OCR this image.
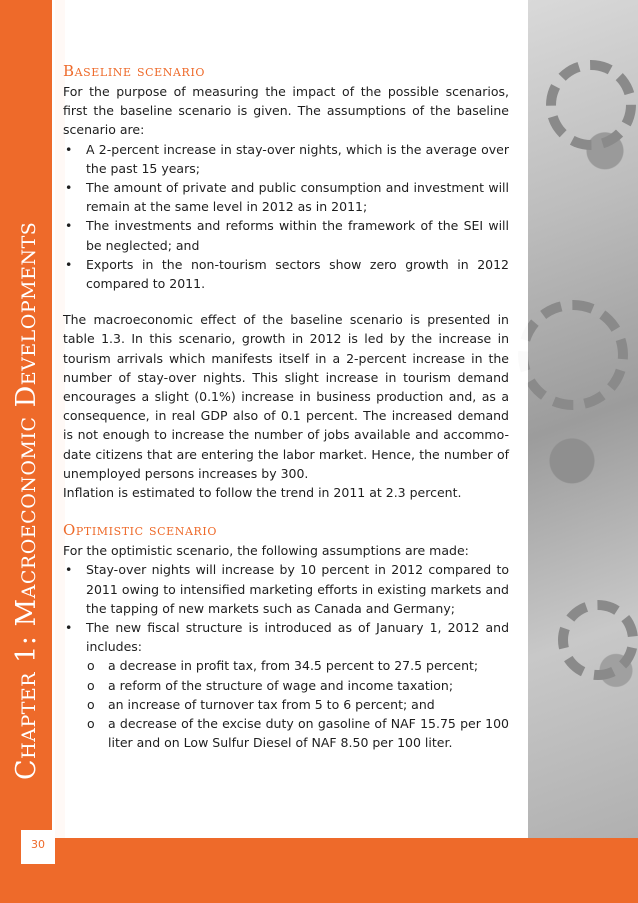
Chapter 1: Macroeconomic Developments
Baseline scenario

For the purpose of measuring the impact of the possible scenarios, first the baseline scenario is given. The assumptions of the baseline scenario are:

• A 2-percent increase in stay-over nights, which is the average over the past 15 years;
• The amount of private and public consumption and investment will remain at the same level in 2012 as in 2011;
• The investments and reforms within the framework of the SEI will be neglected; and
• Exports in the non-tourism sectors show zero growth in 2012 compared to 2011.

The macroeconomic effect of the baseline scenario is presented in table 1.3. In this scenario, growth in 2012 is led by the increase in tourism arrivals which manifests itself in a 2-percent increase in the number of stay-over nights. This slight increase in tourism demand encourages a slight (0.1%) increase in business production and, as a consequence, in real GDP also of 0.1 percent. The increased demand is not enough to increase the number of jobs available and accommo-date citizens that are entering the labor market. Hence, the number of unemployed persons increases by 300.

Inflation is estimated to follow the trend in 2011 at 2.3 percent.

Optimistic scenario

For the optimistic scenario, the following assumptions are made:

• Stay-over nights will increase by 10 percent in 2012 compared to 2011 owing to intensified marketing efforts in existing markets and the tapping of new markets such as Canada and Germany;
• The new fiscal structure is introduced as of January 1, 2012 and includes:
o a decrease in profit tax, from 34.5 percent to 27.5 percent;
o a reform of the structure of wage and income taxation;
o an increase of turnover tax from 5 to 6 percent; and
o a decrease of the excise duty on gasoline of NAF 15.75 per 100 liter and on Low Sulfur Diesel of NAF 8.50 per 100 liter.
30
